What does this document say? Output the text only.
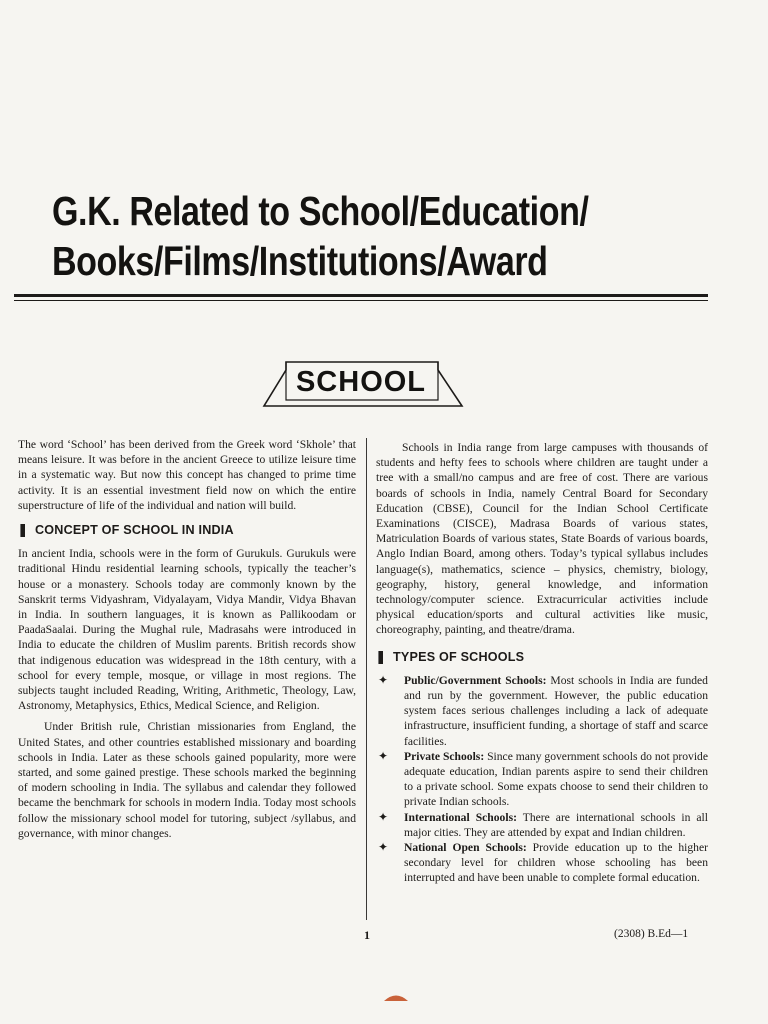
G.K. Related to School/Education/
Books/Films/Institutions/Award
SCHOOL

The word ‘School’ has been derived from the Greek word ‘Skhole’ that means leisure. It was before in the ancient Greece to utilize leisure time in a systematic way. But now this concept has changed to prime time activity. It is an essential investment field now on which the entire superstructure of life of the individual and nation will build.

CONCEPT OF SCHOOL IN INDIA

In ancient India, schools were in the form of Gurukuls. Gurukuls were traditional Hindu residential learning schools, typically the teacher’s house or a monastery. Schools today are commonly known by the Sanskrit terms Vidyashram, Vidyalayam, Vidya Mandir, Vidya Bhavan in India. In southern languages, it is known as Pallikoodam or PaadaSaalai. During the Mughal rule, Madrasahs were introduced in India to educate the children of Muslim parents. British records show that indigenous education was widespread in the 18th century, with a school for every temple, mosque, or village in most regions. The subjects taught included Reading, Writing, Arithmetic, Theology, Law, Astronomy, Metaphysics, Ethics, Medical Science, and Religion.

Under British rule, Christian missionaries from England, the United States, and other countries established missionary and boarding schools in India. Later as these schools gained popularity, more were started, and some gained prestige. These schools marked the beginning of modern schooling in India. The syllabus and calendar they followed became the benchmark for schools in modern India. Today most schools follow the missionary school model for tutoring, subject /syllabus, and governance, with minor changes.

Schools in India range from large campuses with thousands of students and hefty fees to schools where children are taught under a tree with a small/no campus and are free of cost. There are various boards of schools in India, namely Central Board for Secondary Education (CBSE), Council for the Indian School Certificate Examinations (CISCE), Madrasa Boards of various states, Matriculation Boards of various states, State Boards of various boards, Anglo Indian Board, among others. Today’s typical syllabus includes language(s), mathematics, science – physics, chemistry, biology, geography, history, general knowledge, and information technology/computer science. Extracurricular activities include physical education/sports and cultural activities like music, choreography, painting, and theatre/drama.

TYPES OF SCHOOLS
✦ Public/Government Schools: Most schools in India are funded and run by the government. However, the public education system faces serious challenges including a lack of adequate infrastructure, insufficient funding, a shortage of staff and scarce facilities.
✦ Private Schools: Since many government schools do not provide adequate education, Indian parents aspire to send their children to a private school. Some expats choose to send their children to private Indian schools.
✦ International Schools: There are international schools in all major cities. They are attended by expat and Indian children.
✦ National Open Schools: Provide education up to the higher secondary level for children whose schooling has been interrupted and have been unable to complete formal education.
1	(2308) B.Ed—1
